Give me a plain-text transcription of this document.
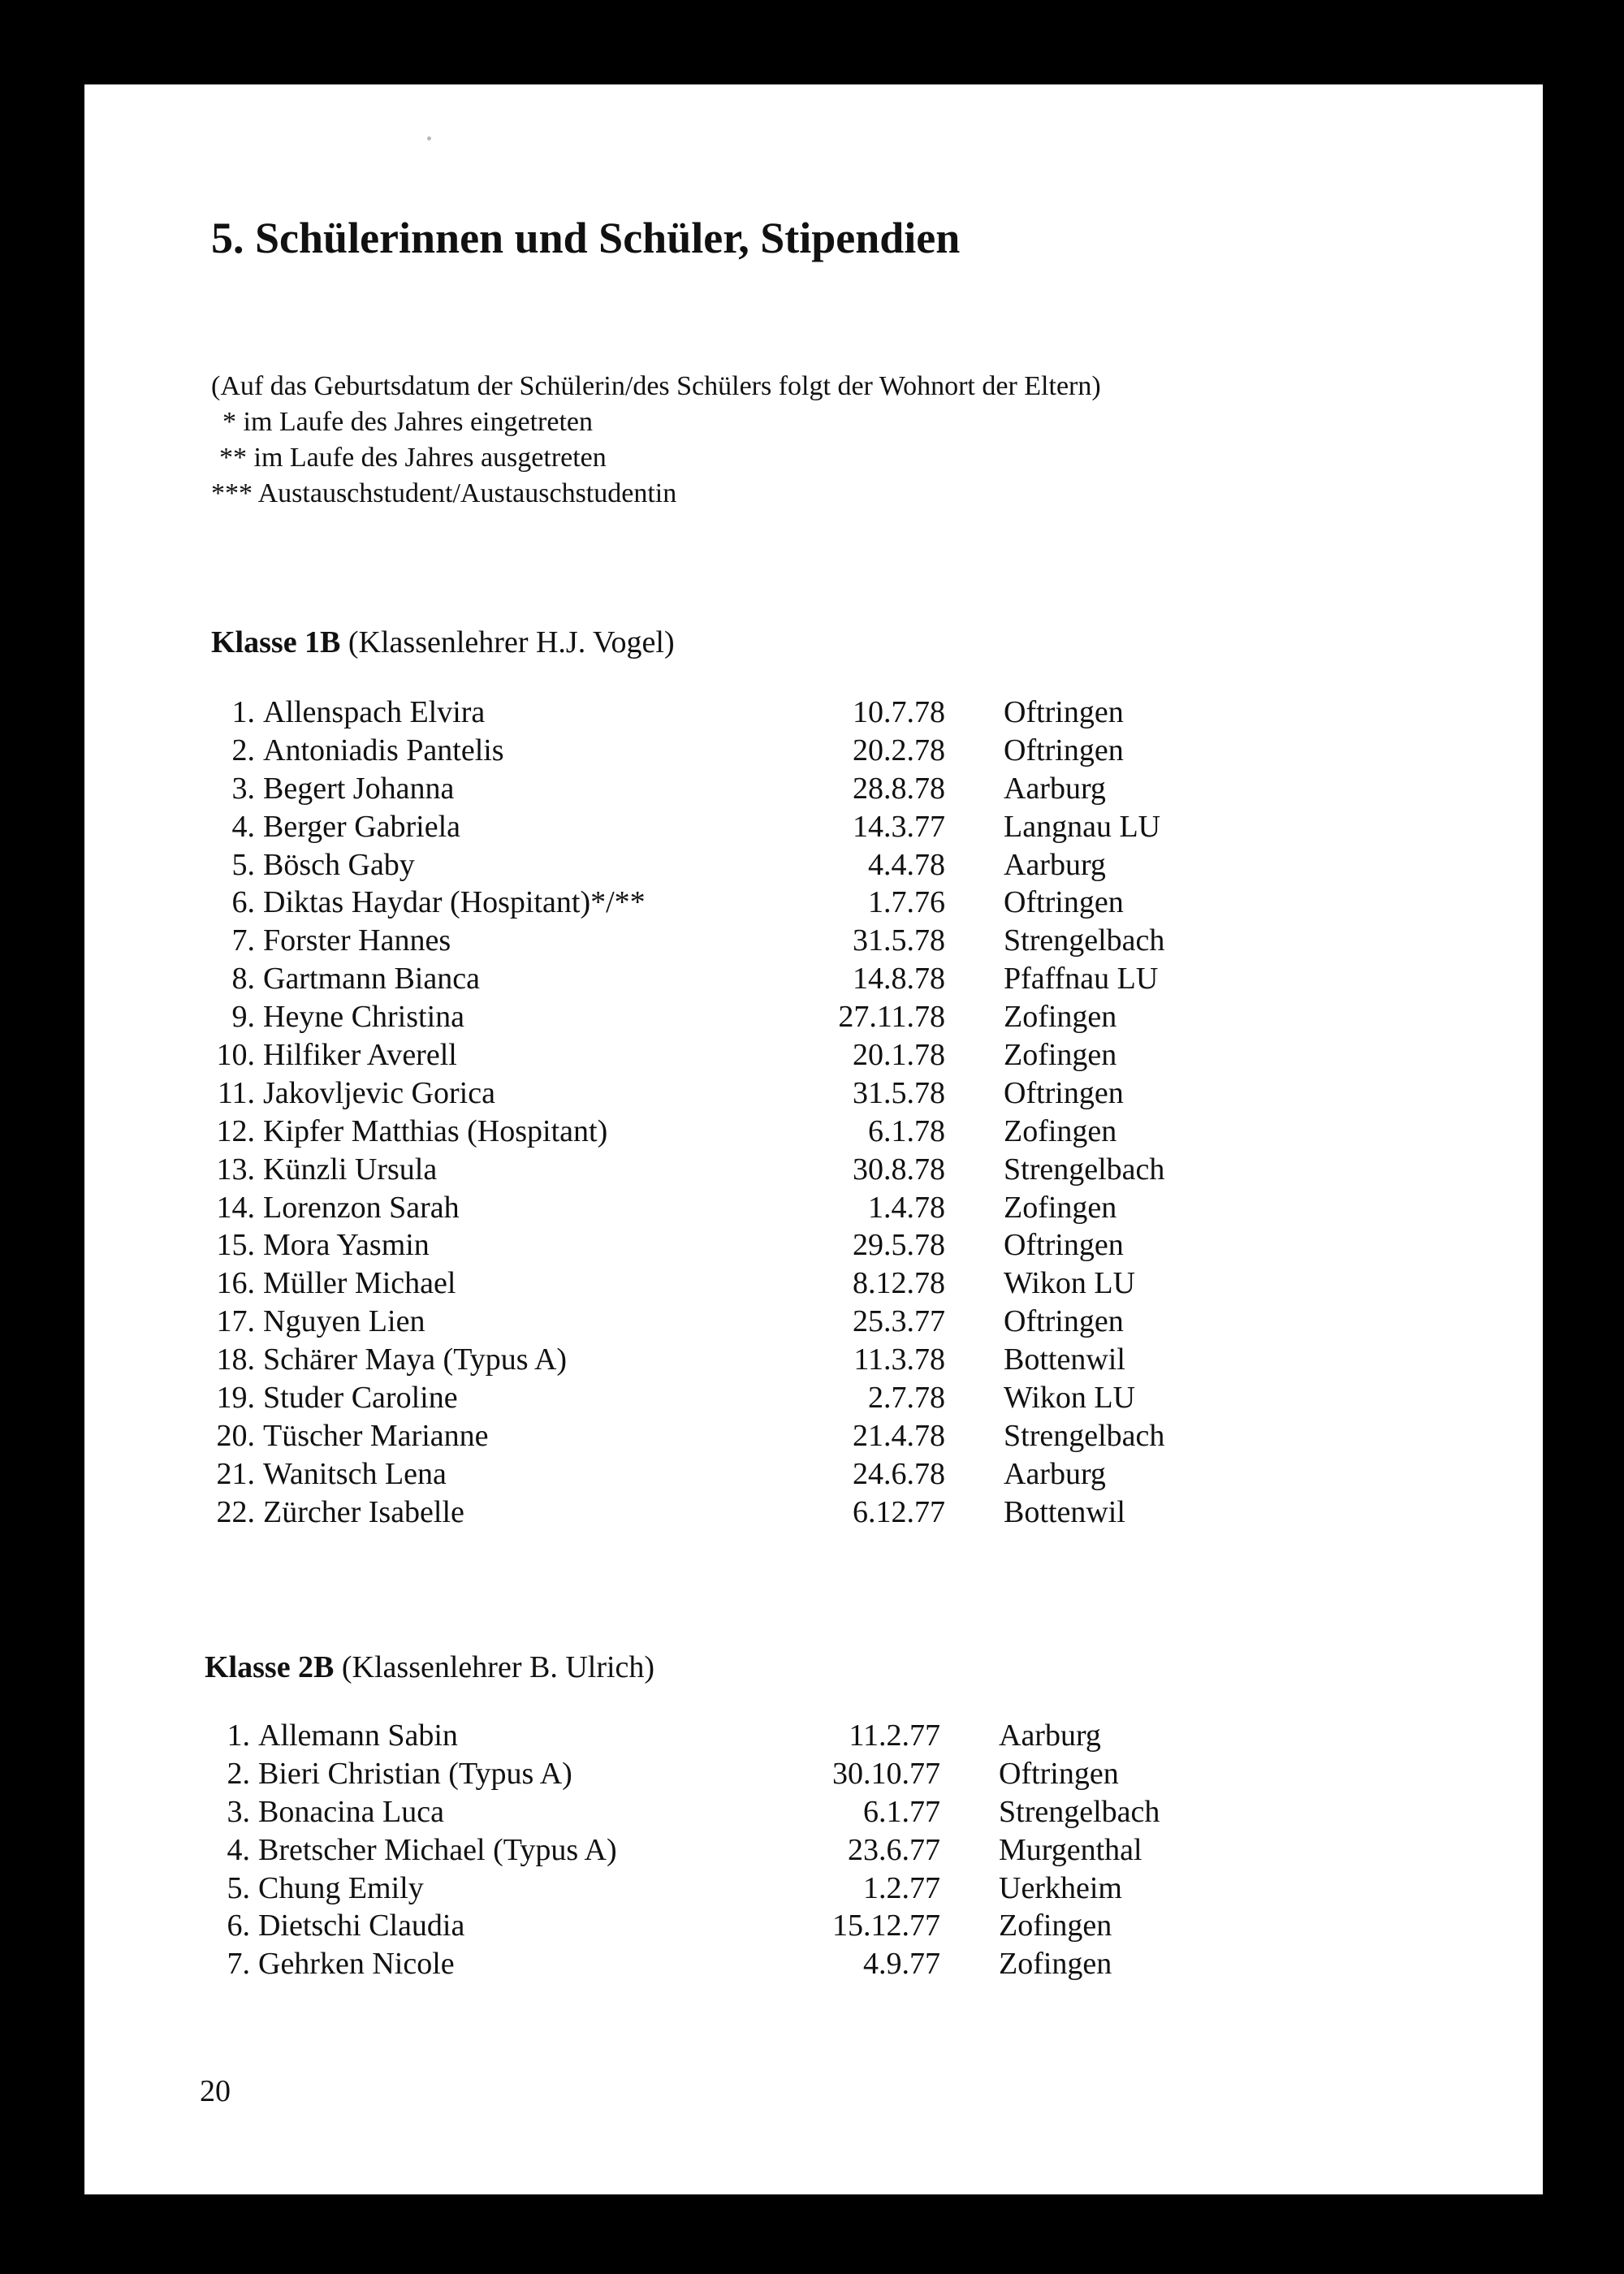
5. Schülerinnen und Schüler, Stipendien
(Auf das Geburtsdatum der Schülerin/des Schülers folgt der Wohnort der Eltern)
* im Laufe des Jahres eingetreten
** im Laufe des Jahres ausgetreten
*** Austauschstudent/Austauschstudentin
Klasse 1B (Klassenlehrer H.J. Vogel)
1. Allenspach Elvira	10.7.78 Oftringen
2. Antoniadis Pantelis	20.2.78 Oftringen
3. Begert Johanna	28.8.78 Aarburg
4. Berger Gabriela	14.3.77 Langnau LU
5. Bösch Gaby	4.4.78 Aarburg
6. Diktas Haydar (Hospitant)*/**	1.7.76 Oftringen
7. Forster Hannes	31.5.78 Strengelbach
8. Gartmann Bianca	14.8.78 Pfaffnau LU
9. Heyne Christina	27.11.78 Zofingen
10. Hilfiker Averell	20.1.78 Zofingen
11. Jakovljevic Gorica	31.5.78 Oftringen
12. Kipfer Matthias (Hospitant)	6.1.78 Zofingen
13. Künzli Ursula	30.8.78 Strengelbach
14. Lorenzon Sarah	1.4.78 Zofingen
15. Mora Yasmin	29.5.78 Oftringen
16. Müller Michael	8.12.78 Wikon LU
17. Nguyen Lien	25.3.77 Oftringen
18. Schärer Maya (Typus A)	11.3.78 Bottenwil
19. Studer Caroline	2.7.78 Wikon LU
20. Tüscher Marianne	21.4.78 Strengelbach
21. Wanitsch Lena	24.6.78 Aarburg
22. Zürcher Isabelle	6.12.77 Bottenwil
Klasse 2B (Klassenlehrer B. Ulrich)
1. Allemann Sabin	11.2.77 Aarburg
2. Bieri Christian (Typus A)	30.10.77 Oftringen
3. Bonacina Luca	6.1.77 Strengelbach
4. Bretscher Michael (Typus A)	23.6.77 Murgenthal
5. Chung Emily	1.2.77 Uerkheim
6. Dietschi Claudia	15.12.77 Zofingen
7. Gehrken Nicole	4.9.77 Zofingen
20
